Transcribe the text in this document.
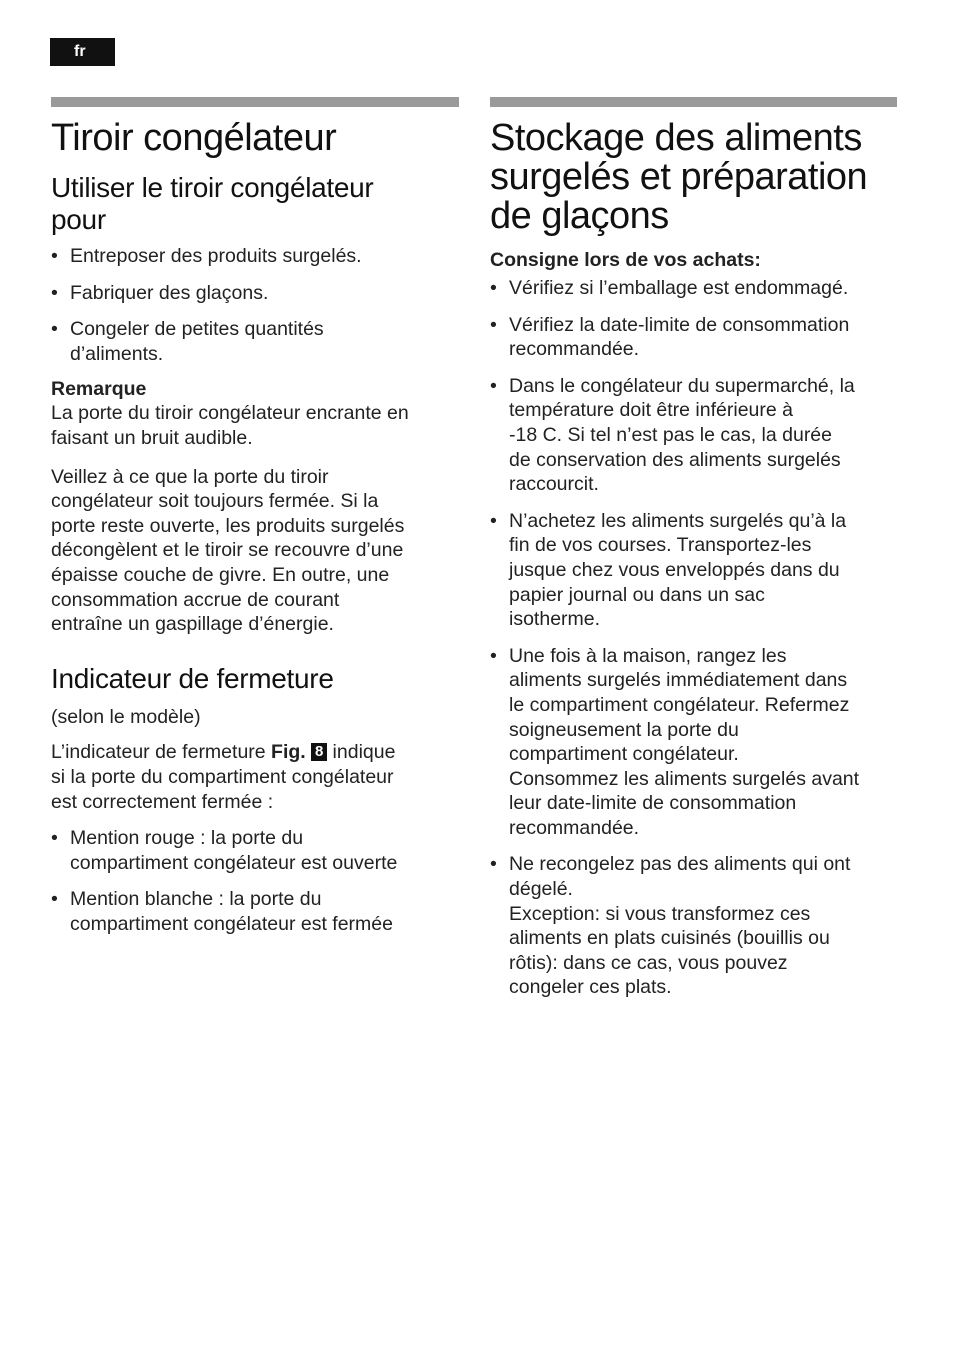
fr
Tiroir congélateur
Utiliser le tiroir congélateur
pour
• Entreposer des produits surgelés.
• Fabriquer des glaçons.
• Congeler de petites quantités
d’aliments.
Remarque

La porte du tiroir congélateur encrante en
faisant un bruit audible.

Veillez à ce que la porte du tiroir
congélateur soit toujours fermée. Si la
porte reste ouverte, les produits surgelés
décongèlent et le tiroir se recouvre d’une
épaisse couche de givre. En outre, une
consommation accrue de courant
entraîne un gaspillage d’énergie.

Indicateur de fermeture

(selon le modèle)

L’indicateur de fermeture Fig. 8 indique
si la porte du compartiment congélateur
est correctement fermée :

• Mention rouge : la porte du
compartiment congélateur est ouverte
• Mention blanche : la porte du
compartiment congélateur est fermée
Stockage des aliments
surgelés et préparation
de glaçons
Consigne lors de vos achats:
• Vérifiez si l’emballage est endommagé.
• Vérifiez la date-limite de consommation
recommandée.
• Dans le congélateur du supermarché, la
température doit être inférieure à
-18 C. Si tel n’est pas le cas, la durée
de conservation des aliments surgelés
raccourcit.
• N’achetez les aliments surgelés qu’à la
fin de vos courses. Transportez-les
jusque chez vous enveloppés dans du
papier journal ou dans un sac
isotherme.
• Une fois à la maison, rangez les
aliments surgelés immédiatement dans
le compartiment congélateur. Refermez
soigneusement la porte du
compartiment congélateur.
Consommez les aliments surgelés avant
leur date-limite de consommation
recommandée.
• Ne recongelez pas des aliments qui ont
dégelé.
Exception: si vous transformez ces
aliments en plats cuisinés (bouillis ou
rôtis): dans ce cas, vous pouvez
congeler ces plats.
